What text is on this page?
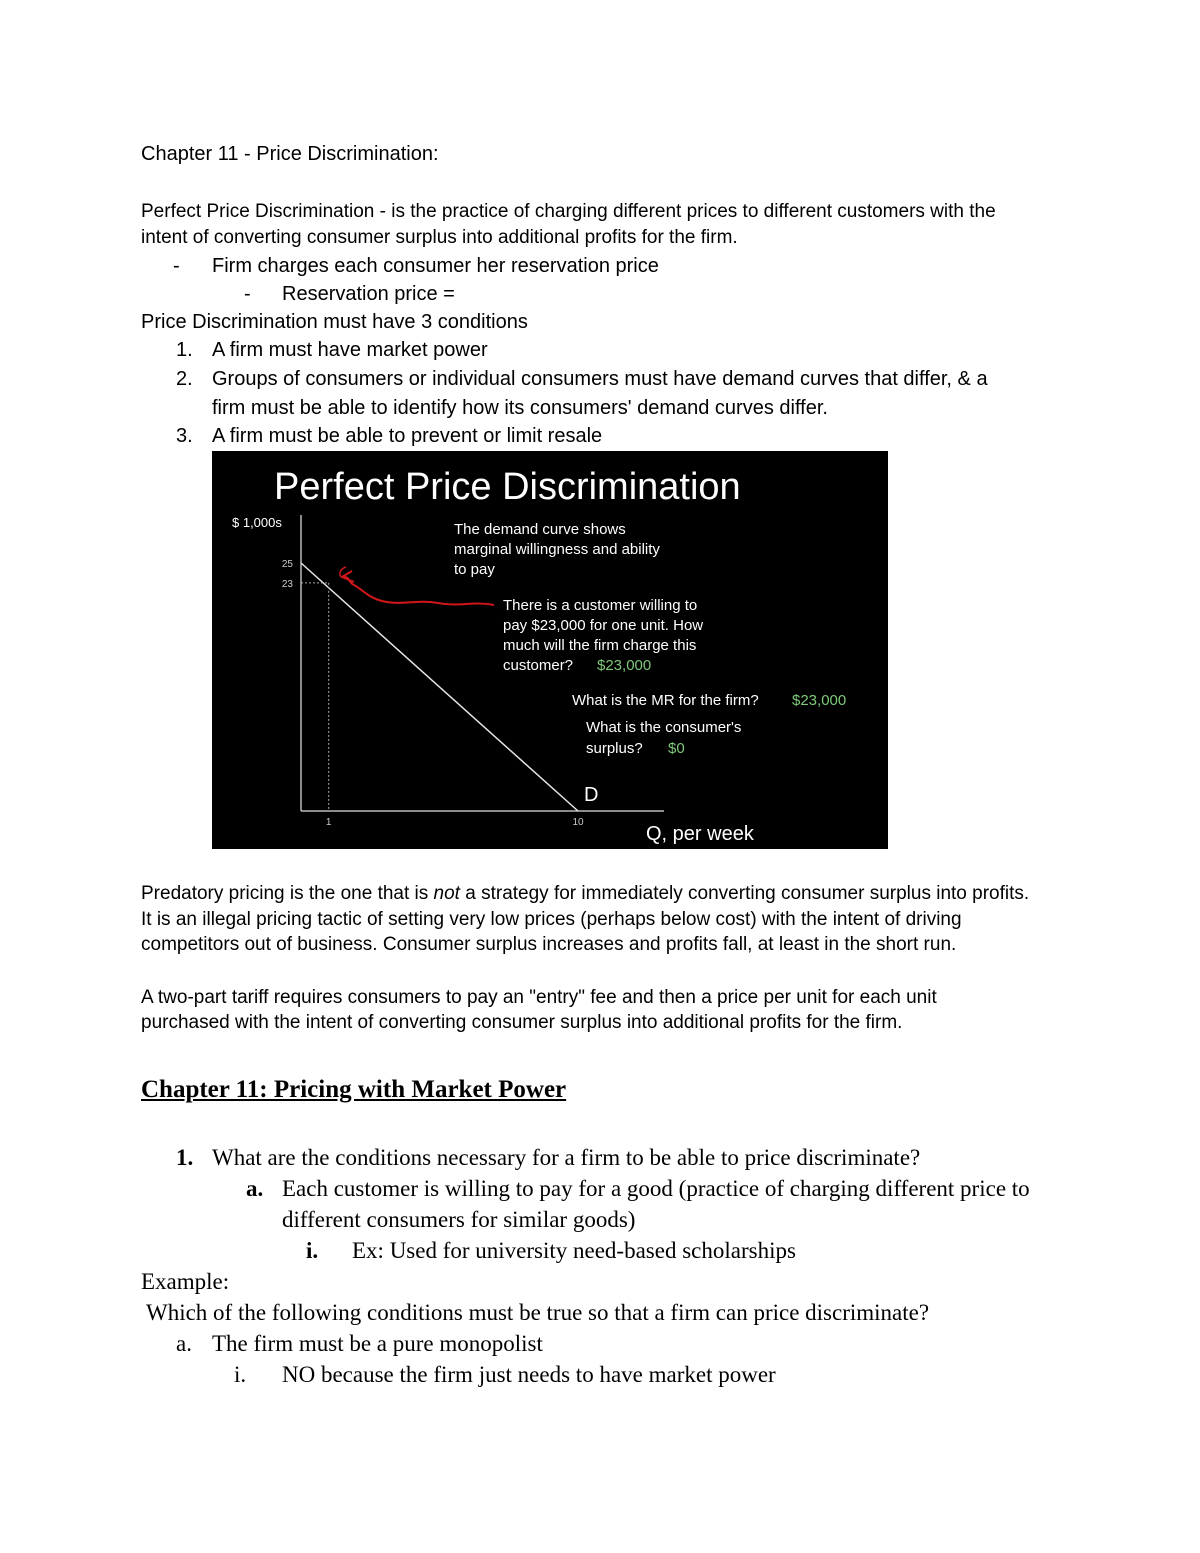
Chapter 11 - Price Discrimination:

Perfect Price Discrimination - is the practice of charging different prices to different customers with the

intent of converting consumer surplus into additional profits for the firm.

- Firm charges each consumer her reservation price

- Reservation price =

Price Discrimination must have 3 conditions

1. A firm must have market power

2. Groups of consumers or individual consumers must have demand curves that differ, & a

firm must be able to identify how its consumers' demand curves differ.

3. A firm must be able to prevent or limit resale

Perfect Price Discrimination
$ 1,000s
Q, per week
D
1	10
25
23
The demand curve shows
marginal willingness and ability
to pay
There is a customer willing to
pay $23,000 for one unit. How
much will the firm charge this
customer? $23,000
What is the MR for the firm? $23,000
What is the consumer's
surplus? $0

Predatory pricing is the one that is not a strategy for immediately converting consumer surplus into profits.

It is an illegal pricing tactic of setting very low prices (perhaps below cost) with the intent of driving

competitors out of business. Consumer surplus increases and profits fall, at least in the short run.

A two-part tariff requires consumers to pay an "entry" fee and then a price per unit for each unit

purchased with the intent of converting consumer surplus into additional profits for the firm.

Chapter 11: Pricing with Market Power

1. What are the conditions necessary for a firm to be able to price discriminate?

a. Each customer is willing to pay for a good (practice of charging different price to

different consumers for similar goods)

i. Ex: Used for university need-based scholarships

Example:

Which of the following conditions must be true so that a firm can price discriminate?

a. The firm must be a pure monopolist

i. NO because the firm just needs to have market power
